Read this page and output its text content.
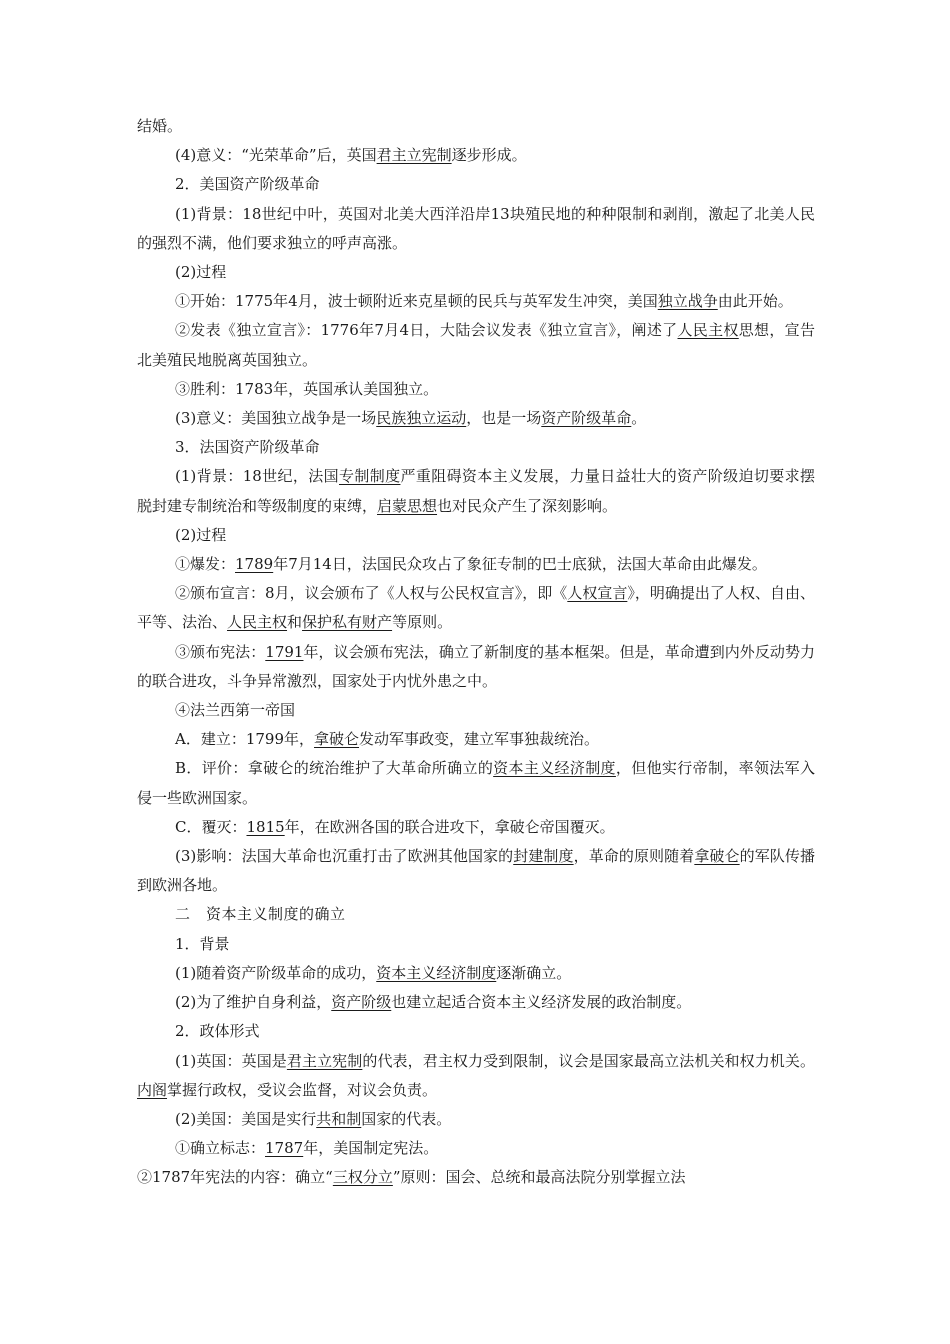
结婚。

(4)意义：“光荣革命”后，英国君主立宪制逐步形成。

2．美国资产阶级革命

(1)背景：18世纪中叶，英国对北美大西洋沿岸13块殖民地的种种限制和剥削，激起了北美人民的强烈不满，他们要求独立的呼声高涨。

(2)过程

①开始：1775年4月，波士顿附近来克星顿的民兵与英军发生冲突，美国独立战争由此开始。

②发表《独立宣言》：1776年7月4日，大陆会议发表《独立宣言》，阐述了人民主权思想，宣告北美殖民地脱离英国独立。

③胜利：1783年，英国承认美国独立。

(3)意义：美国独立战争是一场民族独立运动，也是一场资产阶级革命。

3．法国资产阶级革命

(1)背景：18世纪，法国专制制度严重阻碍资本主义发展，力量日益壮大的资产阶级迫切要求摆脱封建专制统治和等级制度的束缚，启蒙思想也对民众产生了深刻影响。

(2)过程

①爆发：1789年7月14日，法国民众攻占了象征专制的巴士底狱，法国大革命由此爆发。

②颁布宣言：8月，议会颁布了《人权与公民权宣言》，即《人权宣言》，明确提出了人权、自由、平等、法治、人民主权和保护私有财产等原则。

③颁布宪法：1791年，议会颁布宪法，确立了新制度的基本框架。但是，革命遭到内外反动势力的联合进攻，斗争异常激烈，国家处于内忧外患之中。

④法兰西第一帝国

A．建立：1799年，拿破仑发动军事政变，建立军事独裁统治。

B．评价：拿破仑的统治维护了大革命所确立的资本主义经济制度，但他实行帝制，率领法军入侵一些欧洲国家。

C．覆灭：1815年，在欧洲各国的联合进攻下，拿破仑帝国覆灭。

(3)影响：法国大革命也沉重打击了欧洲其他国家的封建制度，革命的原则随着拿破仑的军队传播到欧洲各地。

二　资本主义制度的确立

1．背景

(1)随着资产阶级革命的成功，资本主义经济制度逐渐确立。

(2)为了维护自身利益，资产阶级也建立起适合资本主义经济发展的政治制度。

2．政体形式

(1)英国：英国是君主立宪制的代表，君主权力受到限制，议会是国家最高立法机关和权力机关。内阁掌握行政权，受议会监督，对议会负责。

(2)美国：美国是实行共和制国家的代表。

①确立标志：1787年，美国制定宪法。

②1787年宪法的内容：确立“三权分立”原则：国会、总统和最高法院分别掌握立法
